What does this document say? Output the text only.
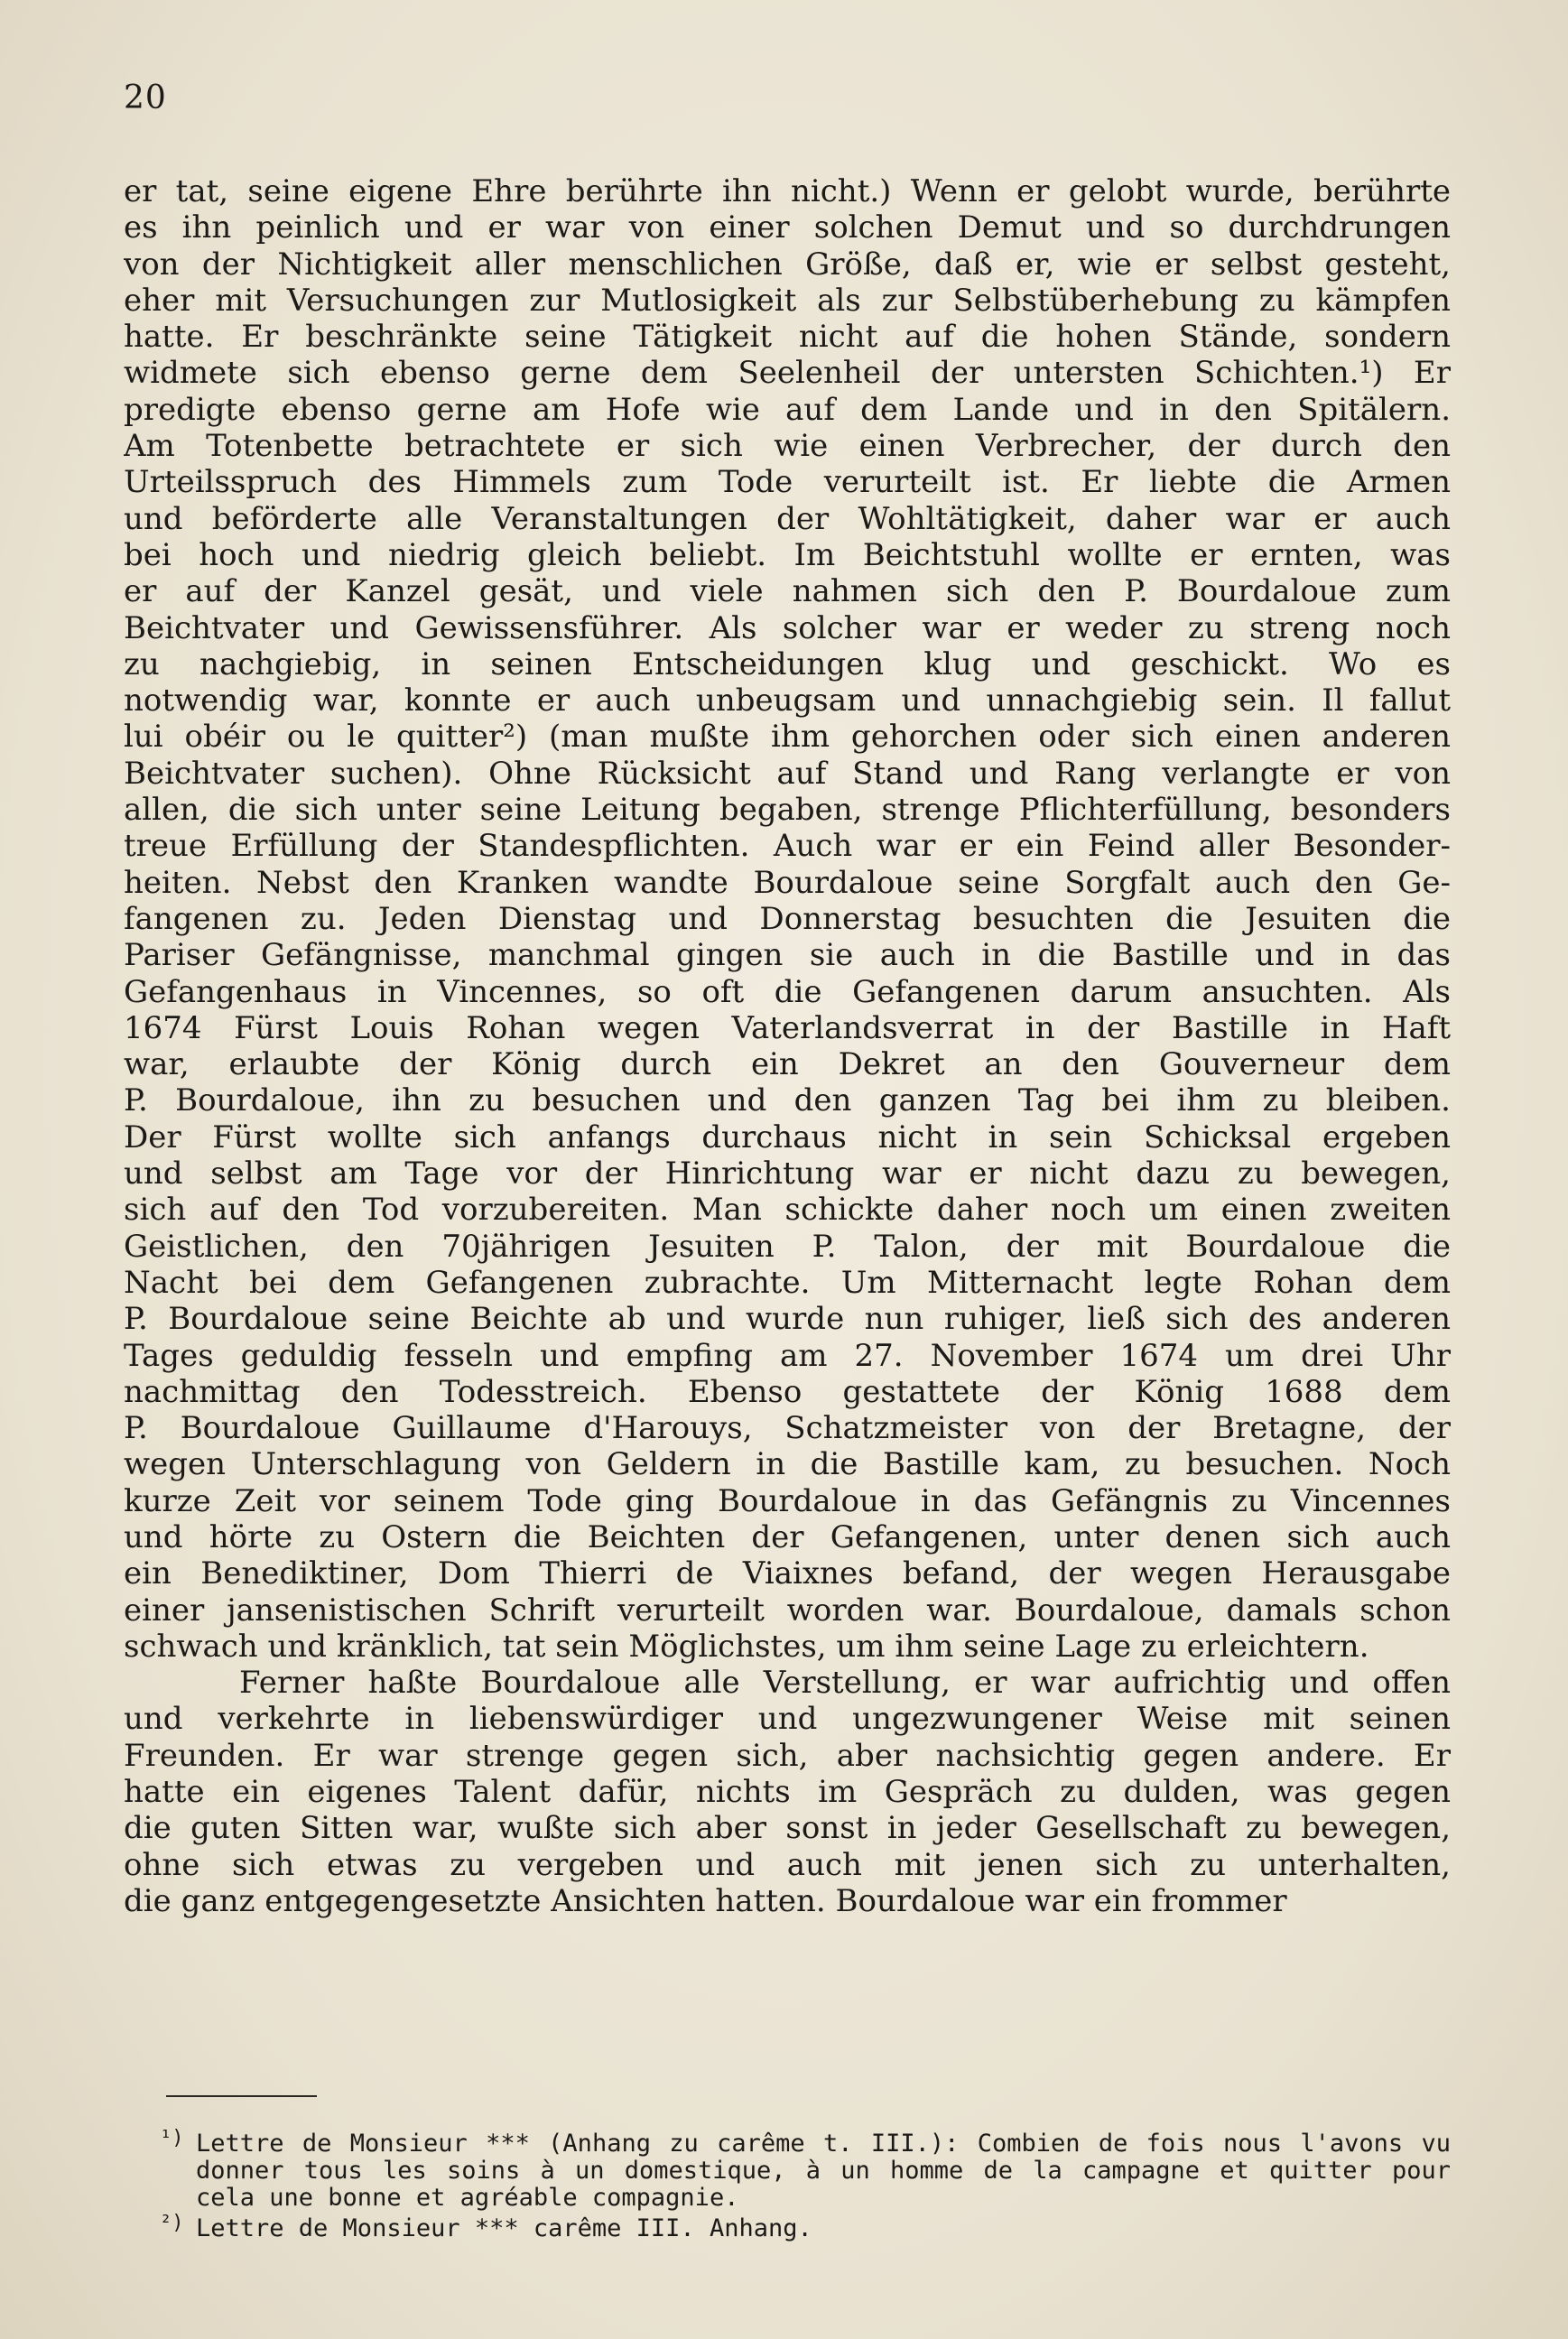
20
er tat, seine eigene Ehre berührte ihn nicht.) Wenn er gelobt wurde, berührte
es ihn peinlich und er war von einer solchen Demut und so durchdrungen
von der Nichtigkeit aller menschlichen Größe, daß er, wie er selbst gesteht,
eher mit Versuchungen zur Mutlosigkeit als zur Selbstüberhebung zu kämpfen
hatte. Er beschränkte seine Tätigkeit nicht auf die hohen Stände, sondern
widmete sich ebenso gerne dem Seelenheil der untersten Schichten.¹) Er
predigte ebenso gerne am Hofe wie auf dem Lande und in den Spitälern.
Am Totenbette betrachtete er sich wie einen Verbrecher, der durch den
Urteilsspruch des Himmels zum Tode verurteilt ist. Er liebte die Armen
und beförderte alle Veranstaltungen der Wohltätigkeit, daher war er auch
bei hoch und niedrig gleich beliebt. Im Beichtstuhl wollte er ernten, was
er auf der Kanzel gesät, und viele nahmen sich den P. Bourdaloue zum
Beichtvater und Gewissensführer. Als solcher war er weder zu streng noch
zu nachgiebig, in seinen Entscheidungen klug und geschickt. Wo es
notwendig war, konnte er auch unbeugsam und unnachgiebig sein. Il fallut
lui obéir ou le quitter²) (man mußte ihm gehorchen oder sich einen anderen
Beichtvater suchen). Ohne Rücksicht auf Stand und Rang verlangte er von
allen, die sich unter seine Leitung begaben, strenge Pflichterfüllung, besonders
treue Erfüllung der Standespflichten. Auch war er ein Feind aller Besonder-
heiten. Nebst den Kranken wandte Bourdaloue seine Sorgfalt auch den Ge-
fangenen zu. Jeden Dienstag und Donnerstag besuchten die Jesuiten die
Pariser Gefängnisse, manchmal gingen sie auch in die Bastille und in das
Gefangenhaus in Vincennes, so oft die Gefangenen darum ansuchten. Als
1674 Fürst Louis Rohan wegen Vaterlandsverrat in der Bastille in Haft
war, erlaubte der König durch ein Dekret an den Gouverneur dem
P. Bourdaloue, ihn zu besuchen und den ganzen Tag bei ihm zu bleiben.
Der Fürst wollte sich anfangs durchaus nicht in sein Schicksal ergeben
und selbst am Tage vor der Hinrichtung war er nicht dazu zu bewegen,
sich auf den Tod vorzubereiten. Man schickte daher noch um einen zweiten
Geistlichen, den 70jährigen Jesuiten P. Talon, der mit Bourdaloue die
Nacht bei dem Gefangenen zubrachte. Um Mitternacht legte Rohan dem
P. Bourdaloue seine Beichte ab und wurde nun ruhiger, ließ sich des anderen
Tages geduldig fesseln und empfing am 27. November 1674 um drei Uhr
nachmittag den Todesstreich. Ebenso gestattete der König 1688 dem
P. Bourdaloue Guillaume d'Harouys, Schatzmeister von der Bretagne, der
wegen Unterschlagung von Geldern in die Bastille kam, zu besuchen. Noch
kurze Zeit vor seinem Tode ging Bourdaloue in das Gefängnis zu Vincennes
und hörte zu Ostern die Beichten der Gefangenen, unter denen sich auch
ein Benediktiner, Dom Thierri de Viaixnes befand, der wegen Herausgabe
einer jansenistischen Schrift verurteilt worden war. Bourdaloue, damals schon
schwach und kränklich, tat sein Möglichstes, um ihm seine Lage zu erleichtern.
Ferner haßte Bourdaloue alle Verstellung, er war aufrichtig und offen
und verkehrte in liebenswürdiger und ungezwungener Weise mit seinen
Freunden. Er war strenge gegen sich, aber nachsichtig gegen andere. Er
hatte ein eigenes Talent dafür, nichts im Gespräch zu dulden, was gegen
die guten Sitten war, wußte sich aber sonst in jeder Gesellschaft zu bewegen,
ohne sich etwas zu vergeben und auch mit jenen sich zu unterhalten,
die ganz entgegengesetzte Ansichten hatten. Bourdaloue war ein frommer
¹) Lettre de Monsieur *** (Anhang zu carême t. III.): Combien de fois nous l'avons vu
donner tous les soins à un domestique, à un homme de la campagne et quitter pour
cela une bonne et agréable compagnie.
²) Lettre de Monsieur *** carême III. Anhang.
